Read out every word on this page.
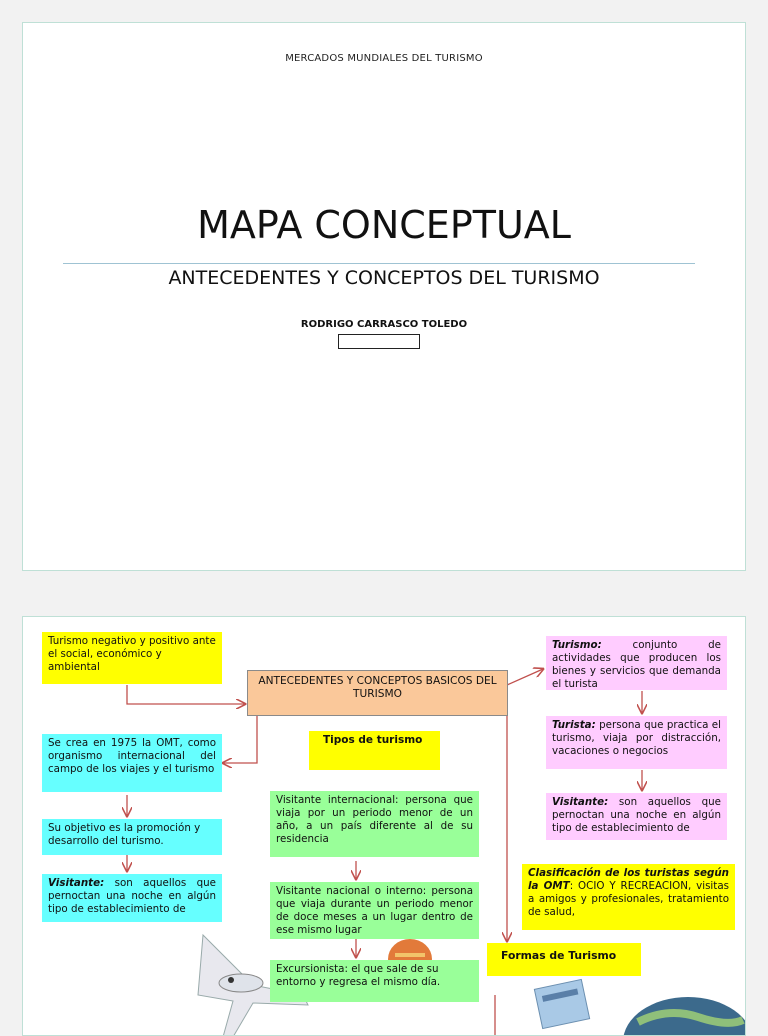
MERCADOS MUNDIALES DEL TURISMO
MAPA CONCEPTUAL
ANTECEDENTES Y CONCEPTOS DEL TURISMO
RODRIGO CARRASCO TOLEDO
Turismo negativo y positivo ante el social, económico y ambiental
Se crea en 1975 la OMT, como organismo internacional del campo de los viajes y el turismo
Su objetivo es la promoción y desarrollo del turismo.
Visitante: son aquellos que pernoctan una noche en algún tipo de establecimiento de
ANTECEDENTES Y CONCEPTOS BASICOS DEL TURISMO
Tipos de turismo
Visitante internacional: persona que viaja por un periodo menor de un año, a un país diferente al de su residencia
Visitante nacional o interno: persona que viaja durante un periodo menor de doce meses a un lugar dentro de ese mismo lugar
Excursionista: el que sale de su entorno y regresa el mismo día.
Turismo: conjunto de actividades que producen los bienes y servicios que demanda el turista
Turista: persona que practica el turismo, viaja por distracción, vacaciones o negocios
Visitante: son aquellos que pernoctan una noche en algún tipo de establecimiento de
Clasificación de los turistas según la OMT: OCIO Y RECREACION, visitas a amigos y profesionales, tratamiento de salud,
Formas de Turismo
